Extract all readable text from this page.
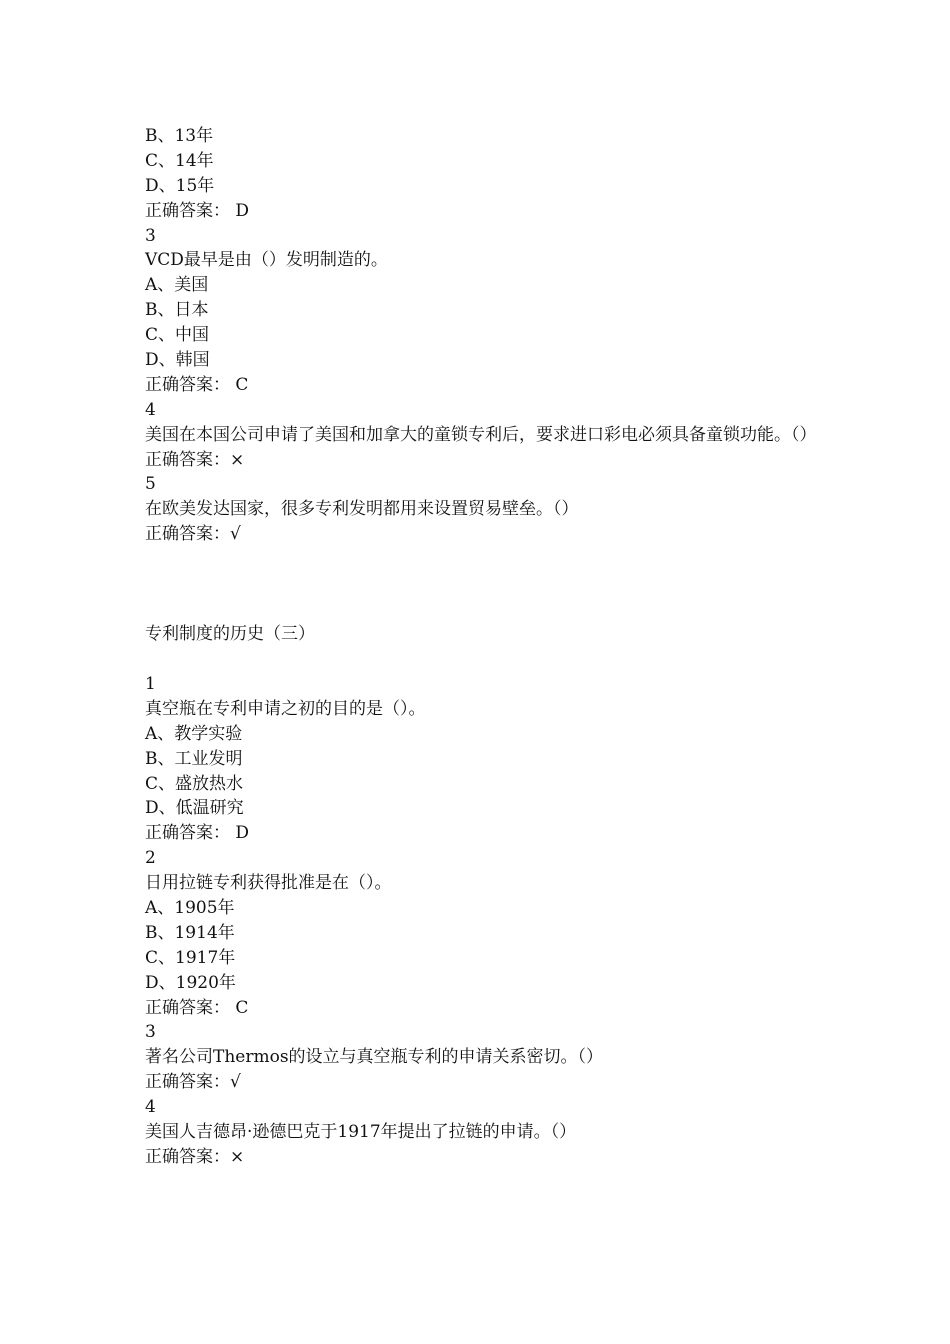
B、13年
C、14年
D、15年
正确答案： D
3
VCD最早是由（）发明制造的。
A、美国
B、日本
C、中国
D、韩国
正确答案： C
4
美国在本国公司申请了美国和加拿大的童锁专利后，要求进口彩电必须具备童锁功能。（）
正确答案：×
5
在欧美发达国家，很多专利发明都用来设置贸易壁垒。（）
正确答案：√
专利制度的历史（三）
1
真空瓶在专利申请之初的目的是（）。
A、教学实验
B、工业发明
C、盛放热水
D、低温研究
正确答案： D
2
日用拉链专利获得批准是在（）。
A、1905年
B、1914年
C、1917年
D、1920年
正确答案： C
3
著名公司Thermos的设立与真空瓶专利的申请关系密切。（）
正确答案：√
4
美国人吉德昂·逊德巴克于1917年提出了拉链的申请。（）
正确答案：×
